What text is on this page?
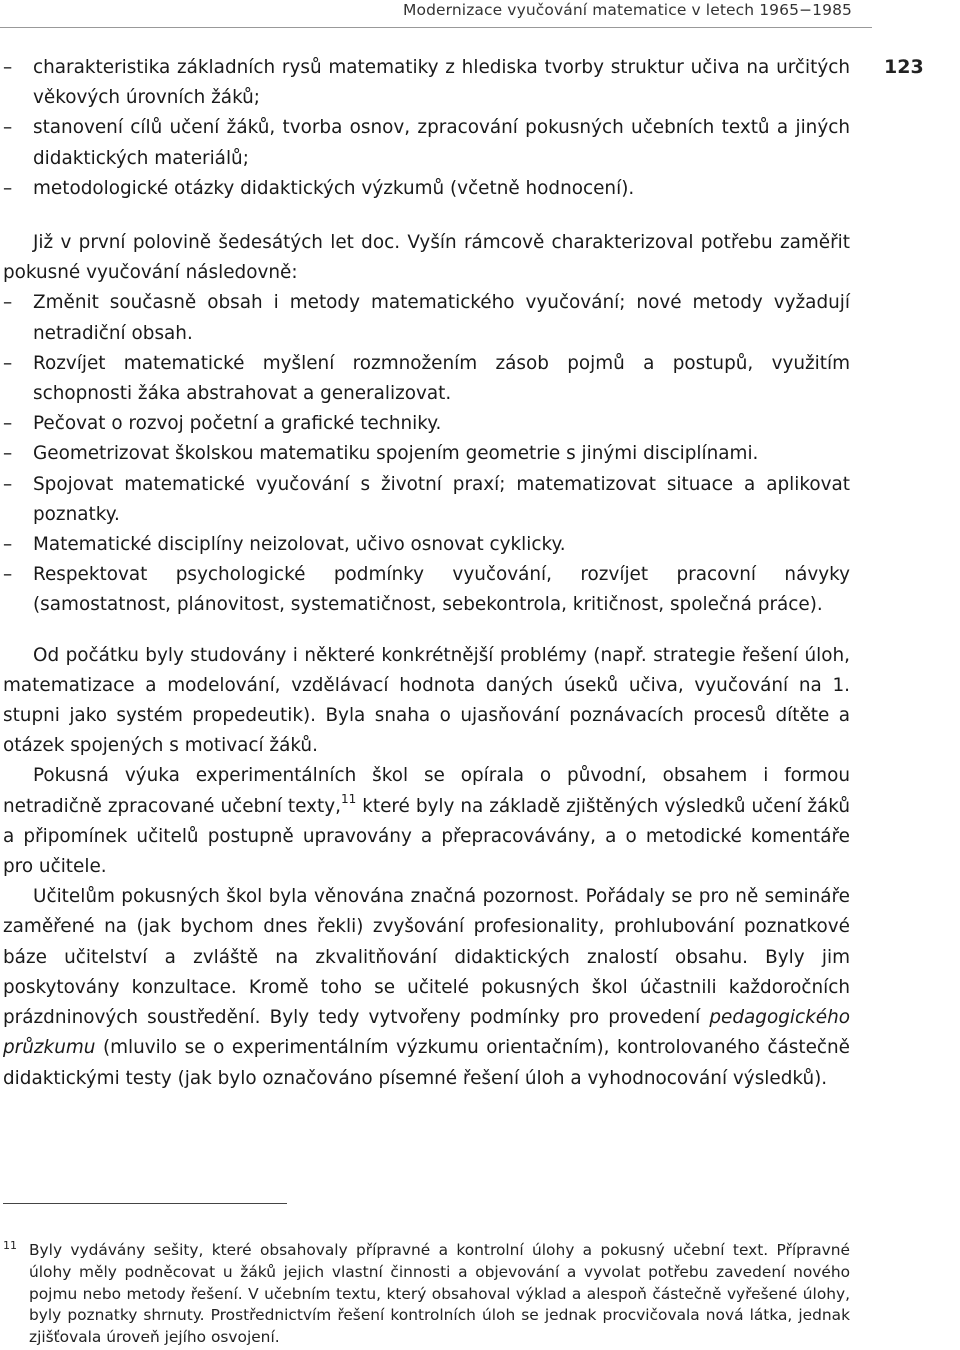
Modernizace vyučování matematice v letech 1965−1985
123
– charakteristika základních rysů matematiky z hlediska tvorby struktur učiva na určitých věkových úrovních žáků;
– stanovení cílů učení žáků, tvorba osnov, zpracování pokusných učebních textů a jiných didaktických materiálů;
– metodologické otázky didaktických výzkumů (včetně hodnocení).

Již v první polovině šedesátých let doc. Vyšín rámcově charakterizoval potřebu zaměřit pokusné vyučování následovně:

– Změnit současně obsah i metody matematického vyučování; nové metody vyžadují netradiční obsah.
– Rozvíjet matematické myšlení rozmnožením zásob pojmů a postupů, využitím schopnosti žáka abstrahovat a generalizovat.
– Pečovat o rozvoj početní a grafické techniky.
– Geometrizovat školskou matematiku spojením geometrie s jinými disciplínami.
– Spojovat matematické vyučování s životní praxí; matematizovat situace a aplikovat poznatky.
– Matematické disciplíny neizolovat, učivo osnovat cyklicky.
– Respektovat psychologické podmínky vyučování, rozvíjet pracovní návyky (samostatnost, plánovitost, systematičnost, sebekontrola, kritičnost, společná práce).

Od počátku byly studovány i některé konkrétnější problémy (např. strategie řešení úloh, matematizace a modelování, vzdělávací hodnota daných úseků učiva, vyučování na 1. stupni jako systém propedeutik). Byla snaha o ujasňování poznávacích procesů dítěte a otázek spojených s motivací žáků.

Pokusná výuka experimentálních škol se opírala o původní, obsahem i formou netradičně zpracované učební texty,$^{11}$ které byly na základě zjištěných výsledků učení žáků a připomínek učitelů postupně upravovány a přepracovávány, a o metodické komentáře pro učitele.

Učitelům pokusných škol byla věnována značná pozornost. Pořádaly se pro ně semináře zaměřené na (jak bychom dnes řekli) zvyšování profesionality, prohlubování poznatkové báze učitelství a zvláště na zkvalitňování didaktických znalostí obsahu. Byly jim poskytovány konzultace. Kromě toho se učitelé pokusných škol účastnili každoročních prázdninových soustředění. Byly tedy vytvořeny podmínky pro provedení pedagogického průzkumu (mluvilo se o experimentálním výzkumu orientačním), kontrolovaného částečně didaktickými testy (jak bylo označováno písemné řešení úloh a vyhodnocování výsledků).

11 Byly vydávány sešity, které obsahovaly přípravné a kontrolní úlohy a pokusný učební text. Přípravné úlohy měly podněcovat u žáků jejich vlastní činnosti a objevování a vyvolat potřebu zavedení nového pojmu nebo metody řešení. V učebním textu, který obsahoval výklad a alespoň částečně vyřešené úlohy, byly poznatky shrnuty. Prostřednictvím řešení kontrolních úloh se jednak procvičovala nová látka, jednak zjišťovala úroveň jejího osvojení.
